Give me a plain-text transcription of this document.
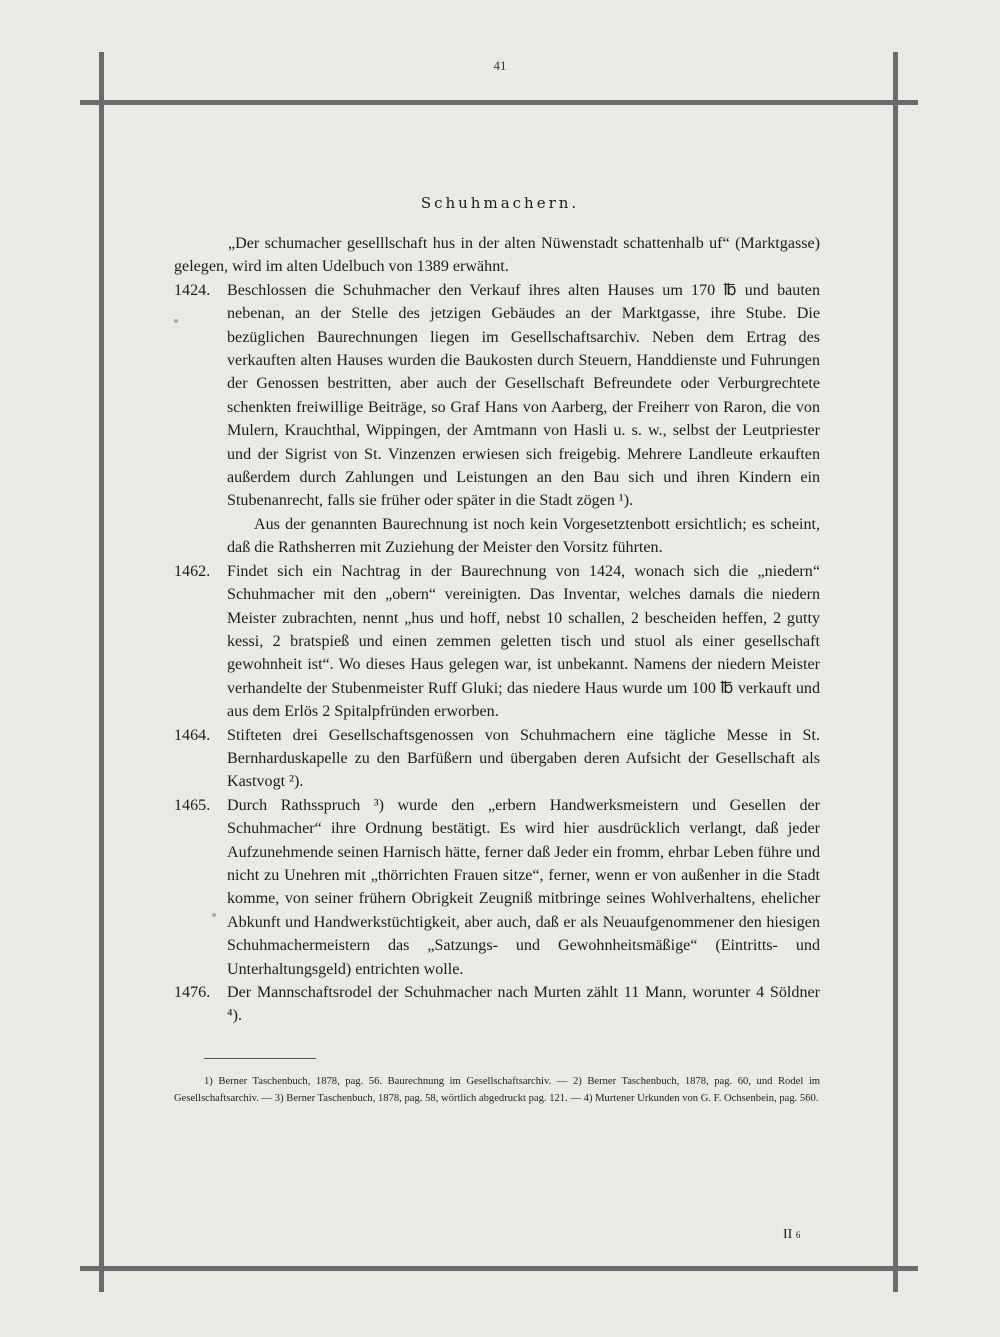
41
Schuhmachern.

„Der schumacher geselllschaft hus in der alten Nüwenstadt schattenhalb uf“ (Marktgasse) gelegen, wird im alten Udelbuch von 1389 erwähnt.

1424.	Beschlossen die Schuhmacher den Verkauf ihres alten Hauses um 170 ℔ und bauten nebenan, an der Stelle des jetzigen Gebäudes an der Marktgasse, ihre Stube. Die bezüglichen Baurechnungen liegen im Gesellschaftsarchiv. Neben dem Ertrag des verkauften alten Hauses wurden die Baukosten durch Steuern, Handdienste und Fuhrungen der Genossen bestritten, aber auch der Gesellschaft Befreundete oder Verburgrechtete schenkten freiwillige Beiträge, so Graf Hans von Aarberg, der Freiherr von Raron, die von Mulern, Krauchthal, Wippingen, der Amtmann von Hasli u. s. w., selbst der Leutpriester und der Sigrist von St. Vinzenzen erwiesen sich freigebig. Mehrere Landleute erkauften außerdem durch Zahlungen und Leistungen an den Bau sich und ihren Kindern ein Stubenanrecht, falls sie früher oder später in die Stadt zögen ¹).

Aus der genannten Baurechnung ist noch kein Vorgesetztenbott ersichtlich; es scheint, daß die Rathsherren mit Zuziehung der Meister den Vorsitz führten.

1462.	Findet sich ein Nachtrag in der Baurechnung von 1424, wonach sich die „niedern“ Schuhmacher mit den „obern“ vereinigten. Das Inventar, welches damals die niedern Meister zubrachten, nennt „hus und hoff, nebst 10 schallen, 2 bescheiden heffen, 2 gutty kessi, 2 bratspieß und einen zemmen geletten tisch und stuol als einer gesellschaft gewohnheit ist“. Wo dieses Haus gelegen war, ist unbekannt. Namens der niedern Meister verhandelte der Stubenmeister Ruff Gluki; das niedere Haus wurde um 100 ℔ verkauft und aus dem Erlös 2 Spitalpfründen erworben.
1464.	Stifteten drei Gesellschaftsgenossen von Schuhmachern eine tägliche Messe in St. Bernharduskapelle zu den Barfüßern und übergaben deren Aufsicht der Gesellschaft als Kastvogt ²).
1465.	Durch Rathsspruch ³) wurde den „erbern Handwerksmeistern und Gesellen der Schuhmacher“ ihre Ordnung bestätigt. Es wird hier ausdrücklich verlangt, daß jeder Aufzunehmende seinen Harnisch hätte, ferner daß Jeder ein fromm, ehrbar Leben führe und nicht zu Unehren mit „thörrichten Frauen sitze“, ferner, wenn er von außenher in die Stadt komme, von seiner frühern Obrigkeit Zeugniß mitbringe seines Wohlverhaltens, ehelicher Abkunft und Handwerkstüchtigkeit, aber auch, daß er als Neuaufgenommener den hiesigen Schuhmachermeistern das „Satzungs- und Gewohnheitsmäßige“ (Eintritts- und Unterhaltungsgeld) entrichten wolle.
1476.	Der Mannschaftsrodel der Schuhmacher nach Murten zählt 11 Mann, worunter 4 Söldner ⁴).
1) Berner Taschenbuch, 1878, pag. 56. Baurechnung im Gesellschaftsarchiv. — 2) Berner Taschenbuch, 1878, pag. 60, und Rodel im Gesellschaftsarchiv. — 3) Berner Taschenbuch, 1878, pag. 58, wörtlich abgedruckt pag. 121. — 4) Murtener Urkunden von G. F. Ochsenbein, pag. 560.
II 6
